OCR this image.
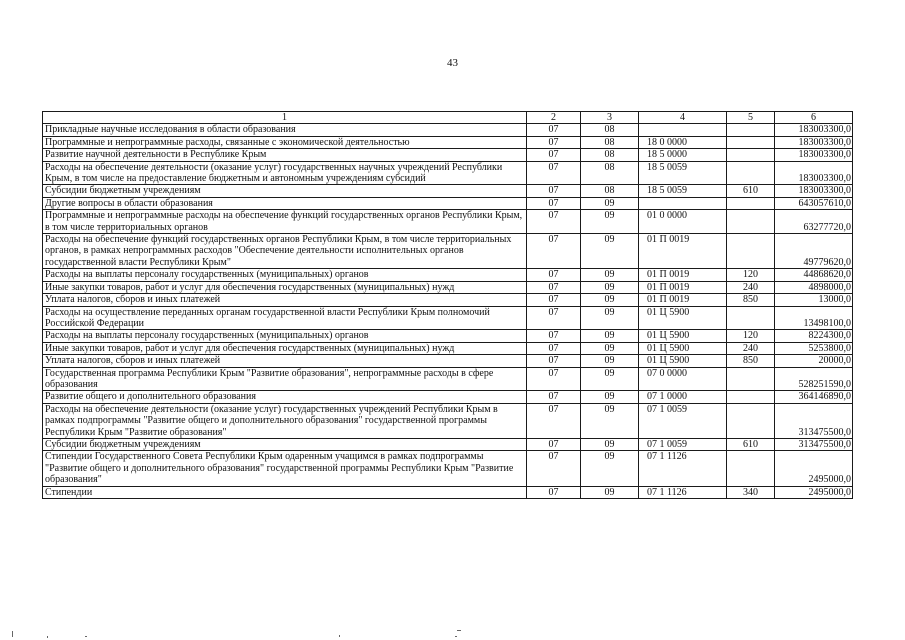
43
1	2	3	4	5	6
Прикладные научные исследования в области образования	07	08			183003300,0
Программные и непрограммные расходы, связанные с экономической деятельностью	07	08	18 0 0000		183003300,0
Развитие научной деятельности в Республике Крым	07	08	18 5 0000		183003300,0
Расходы на обеспечение деятельности (оказание услуг) государственных научных учреждений Республики Крым, в том числе на предоставление бюджетным и автономным учреждениям субсидий	07	08	18 5 0059		183003300,0
Субсидии бюджетным учреждениям	07	08	18 5 0059	610	183003300,0
Другие вопросы в области образования	07	09			643057610,0
Программные и непрограммные расходы на обеспечение функций государственных органов Республики Крым, в том числе территориальных органов	07	09	01 0 0000		63277720,0
Расходы на обеспечение функций государственных органов Республики Крым, в том числе территориальных органов, в рамках непрограммных расходов "Обеспечение деятельности исполнительных органов государственной власти Республики Крым"	07	09	01 П 0019		49779620,0
Расходы на выплаты персоналу государственных (муниципальных) органов	07	09	01 П 0019	120	44868620,0
Иные закупки товаров, работ и услуг для обеспечения государственных (муниципальных) нужд	07	09	01 П 0019	240	4898000,0
Уплата налогов, сборов и иных платежей	07	09	01 П 0019	850	13000,0
Расходы на осуществление переданных органам государственной власти Республики Крым полномочий Российской Федерации	07	09	01 Ц 5900		13498100,0
Расходы на выплаты персоналу государственных (муниципальных) органов	07	09	01 Ц 5900	120	8224300,0
Иные закупки товаров, работ и услуг для обеспечения государственных (муниципальных) нужд	07	09	01 Ц 5900	240	5253800,0
Уплата налогов, сборов и иных платежей	07	09	01 Ц 5900	850	20000,0
Государственная программа Республики Крым "Развитие образования", непрограммные расходы в сфере образования	07	09	07 0 0000		528251590,0
Развитие общего и дополнительного образования	07	09	07 1 0000		364146890,0
Расходы на обеспечение деятельности (оказание услуг) государственных учреждений Республики Крым в рамках подпрограммы "Развитие общего и дополнительного образования" государственной программы Республики Крым "Развитие образования"	07	09	07 1 0059		313475500,0
Субсидии бюджетным учреждениям	07	09	07 1 0059	610	313475500,0
Стипендии Государственного Совета Республики Крым одаренным учащимся в рамках подпрограммы "Развитие общего и дополнительного образования" государственной программы Республики Крым "Развитие образования"	07	09	07 1 1126		2495000,0
Стипендии	07	09	07 1 1126	340	2495000,0
